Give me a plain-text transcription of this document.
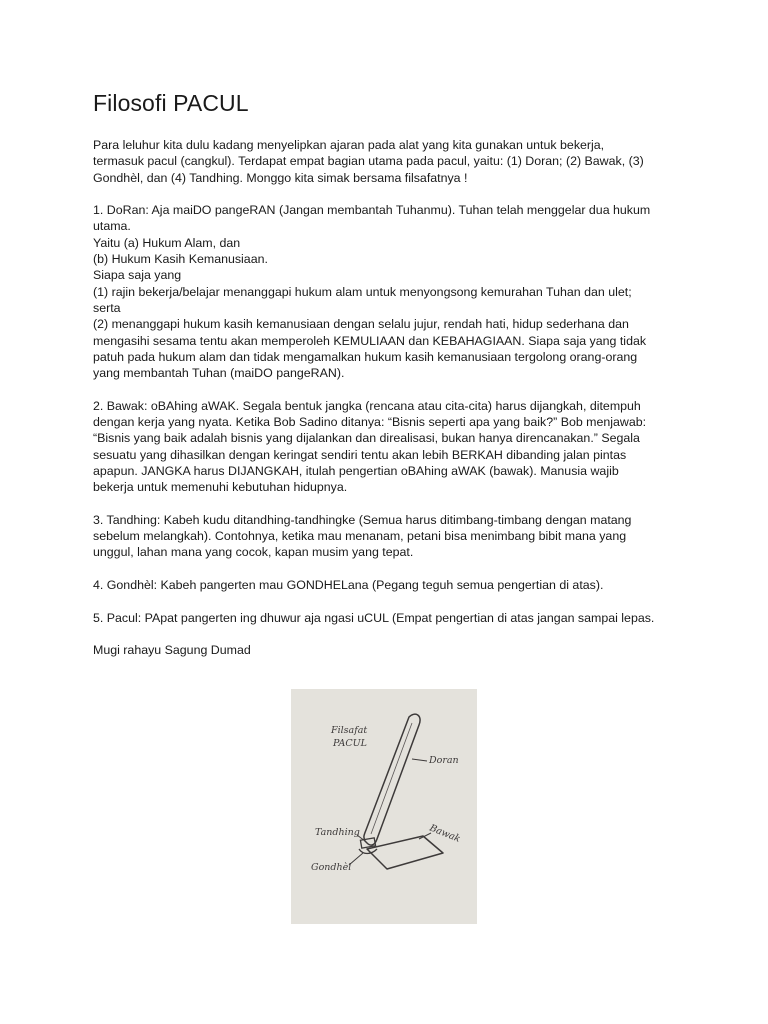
Filosofi PACUL

Para leluhur kita dulu kadang menyelipkan ajaran pada alat yang kita gunakan untuk bekerja,
termasuk pacul (cangkul). Terdapat empat bagian utama pada pacul, yaitu: (1) Doran; (2) Bawak, (3)
Gondhèl, dan (4) Tandhing. Monggo kita simak bersama filsafatnya !

1. DoRan: Aja maiDO pangeRAN (Jangan membantah Tuhanmu). Tuhan telah menggelar dua hukum
utama.
Yaitu (a) Hukum Alam, dan
(b) Hukum Kasih Kemanusiaan.
Siapa saja yang
(1) rajin bekerja/belajar menanggapi hukum alam untuk menyongsong kemurahan Tuhan dan ulet;
serta
(2) menanggapi hukum kasih kemanusiaan dengan selalu jujur, rendah hati, hidup sederhana dan
mengasihi sesama tentu akan memperoleh KEMULIAAN dan KEBAHAGIAAN. Siapa saja yang tidak
patuh pada hukum alam dan tidak mengamalkan hukum kasih kemanusiaan tergolong orang-orang
yang membantah Tuhan (maiDO pangeRAN).

2. Bawak: oBAhing aWAK. Segala bentuk jangka (rencana atau cita-cita) harus dijangkah, ditempuh
dengan kerja yang nyata. Ketika Bob Sadino ditanya: “Bisnis seperti apa yang baik?” Bob menjawab:
“Bisnis yang baik adalah bisnis yang dijalankan dan direalisasi, bukan hanya direncanakan.” Segala
sesuatu yang dihasilkan dengan keringat sendiri tentu akan lebih BERKAH dibanding jalan pintas
apapun. JANGKA harus DIJANGKAH, itulah pengertian oBAhing aWAK (bawak). Manusia wajib
bekerja untuk memenuhi kebutuhan hidupnya.

3. Tandhing: Kabeh kudu ditandhing-tandhingke (Semua harus ditimbang-timbang dengan matang
sebelum melangkah). Contohnya, ketika mau menanam, petani bisa menimbang bibit mana yang
unggul, lahan mana yang cocok, kapan musim yang tepat.

4. Gondhèl: Kabeh pangerten mau GONDHELana (Pegang teguh semua pengertian di atas).

5. Pacul: PApat pangerten ing dhuwur aja ngasi uCUL (Empat pengertian di atas jangan sampai lepas.

Mugi rahayu Sagung Dumad

Filsafat
PACUL
Doran
Tandhing	Bawak
Gondhèl
